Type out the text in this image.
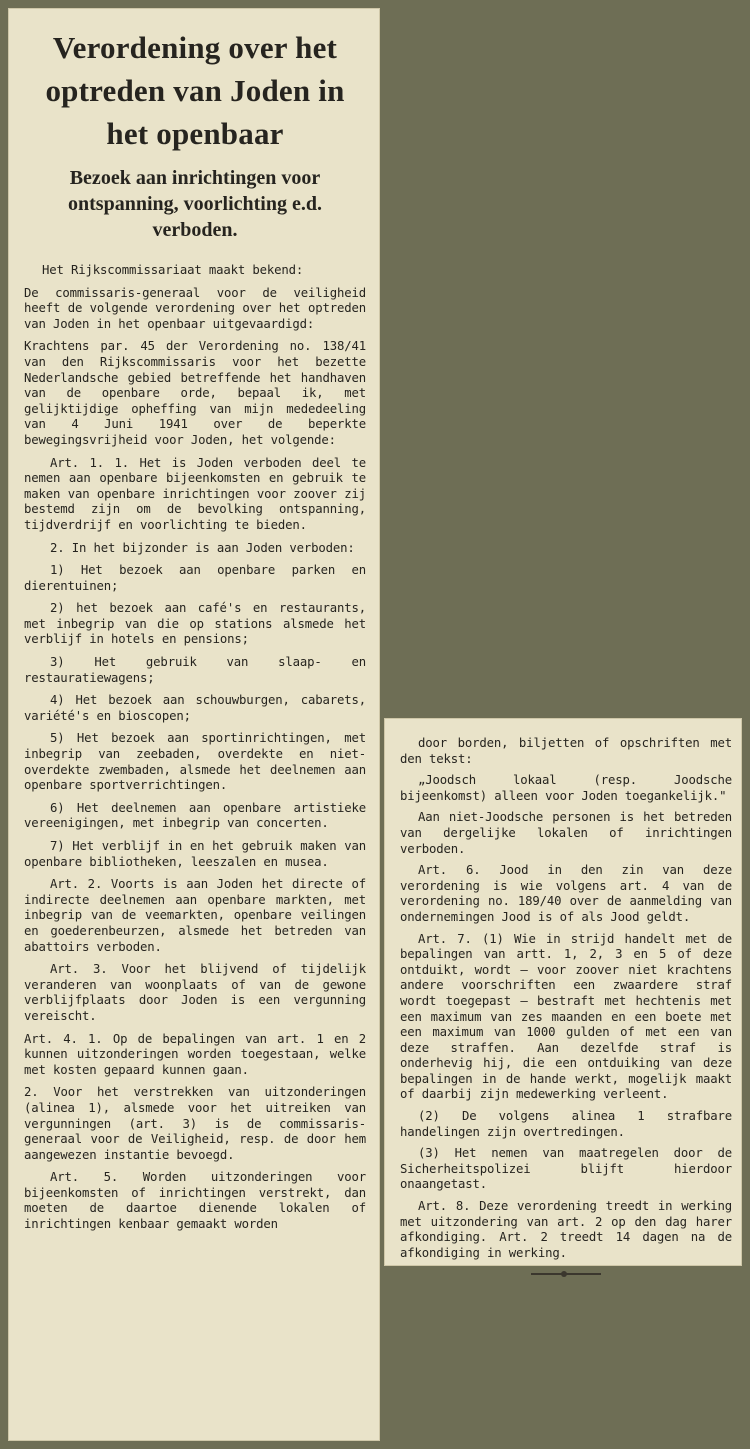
Verordening over het optreden van Joden in het openbaar
Bezoek aan inrichtingen voor ontspanning, voorlichting e.d. verboden.

Het Rijkscommissariaat maakt bekend:

De commissaris-generaal voor de veiligheid heeft de volgende verordening over het optreden van Joden in het openbaar uitgevaardigd:

Krachtens par. 45 der Verordening no. 138/41 van den Rijkscommissaris voor het bezette Nederlandsche gebied betreffende het handhaven van de openbare orde, bepaal ik, met gelijktijdige opheffing van mijn mededeeling van 4 Juni 1941 over de beperkte bewegingsvrijheid voor Joden, het volgende:

Art. 1. 1. Het is Joden verboden deel te nemen aan openbare bijeenkomsten en gebruik te maken van openbare inrichtingen voor zoover zij bestemd zijn om de bevolking ontspanning, tijdverdrijf en voorlichting te bieden.

2. In het bijzonder is aan Joden verboden:

1) Het bezoek aan openbare parken en dierentuinen;

2) het bezoek aan café's en restaurants, met inbegrip van die op stations alsmede het verblijf in hotels en pensions;

3) Het gebruik van slaap- en restauratiewagens;

4) Het bezoek aan schouwburgen, cabarets, variété's en bioscopen;

5) Het bezoek aan sportinrichtingen, met inbegrip van zeebaden, overdekte en niet-overdekte zwembaden, alsmede het deelnemen aan openbare sportverrichtingen.

6) Het deelnemen aan openbare artistieke vereenigingen, met inbegrip van concerten.

7) Het verblijf in en het gebruik maken van openbare bibliotheken, leeszalen en musea.

Art. 2. Voorts is aan Joden het directe of indirecte deelnemen aan openbare markten, met inbegrip van de veemarkten, openbare veilingen en goederenbeurzen, alsmede het betreden van abattoirs verboden.

Art. 3. Voor het blijvend of tijdelijk veranderen van woonplaats of van de gewone verblijfplaats door Joden is een vergunning vereischt.

Art. 4. 1. Op de bepalingen van art. 1 en 2 kunnen uitzonderingen worden toegestaan, welke met kosten gepaard kunnen gaan.

2. Voor het verstrekken van uitzonderingen (alinea 1), alsmede voor het uitreiken van vergunningen (art. 3) is de commissaris-generaal voor de Veiligheid, resp. de door hem aangewezen instantie bevoegd.

Art. 5. Worden uitzonderingen voor bijeenkomsten of inrichtingen verstrekt, dan moeten de daartoe dienende lokalen of inrichtingen kenbaar gemaakt worden

door borden, biljetten of opschriften met den tekst:

„Joodsch lokaal (resp. Joodsche bijeenkomst) alleen voor Joden toegankelijk."

Aan niet-Joodsche personen is het betreden van dergelijke lokalen of inrichtingen verboden.

Art. 6. Jood in den zin van deze verordening is wie volgens art. 4 van de verordening no. 189/40 over de aanmelding van ondernemingen Jood is of als Jood geldt.

Art. 7. (1) Wie in strijd handelt met de bepalingen van artt. 1, 2, 3 en 5 of deze ontduikt, wordt — voor zoover niet krachtens andere voorschriften een zwaardere straf wordt toegepast — bestraft met hechtenis met een maximum van zes maanden en een boete met een maximum van 1000 gulden of met een van deze straffen. Aan dezelfde straf is onderhevig hij, die een ontduiking van deze bepalingen in de hande werkt, mogelijk maakt of daarbij zijn medewerking verleent.

(2) De volgens alinea 1 strafbare handelingen zijn overtredingen.

(3) Het nemen van maatregelen door de Sicherheitspolizei blijft hierdoor onaangetast.

Art. 8. Deze verordening treedt in werking met uitzondering van art. 2 op den dag harer afkondiging. Art. 2 treedt 14 dagen na de afkondiging in werking.
